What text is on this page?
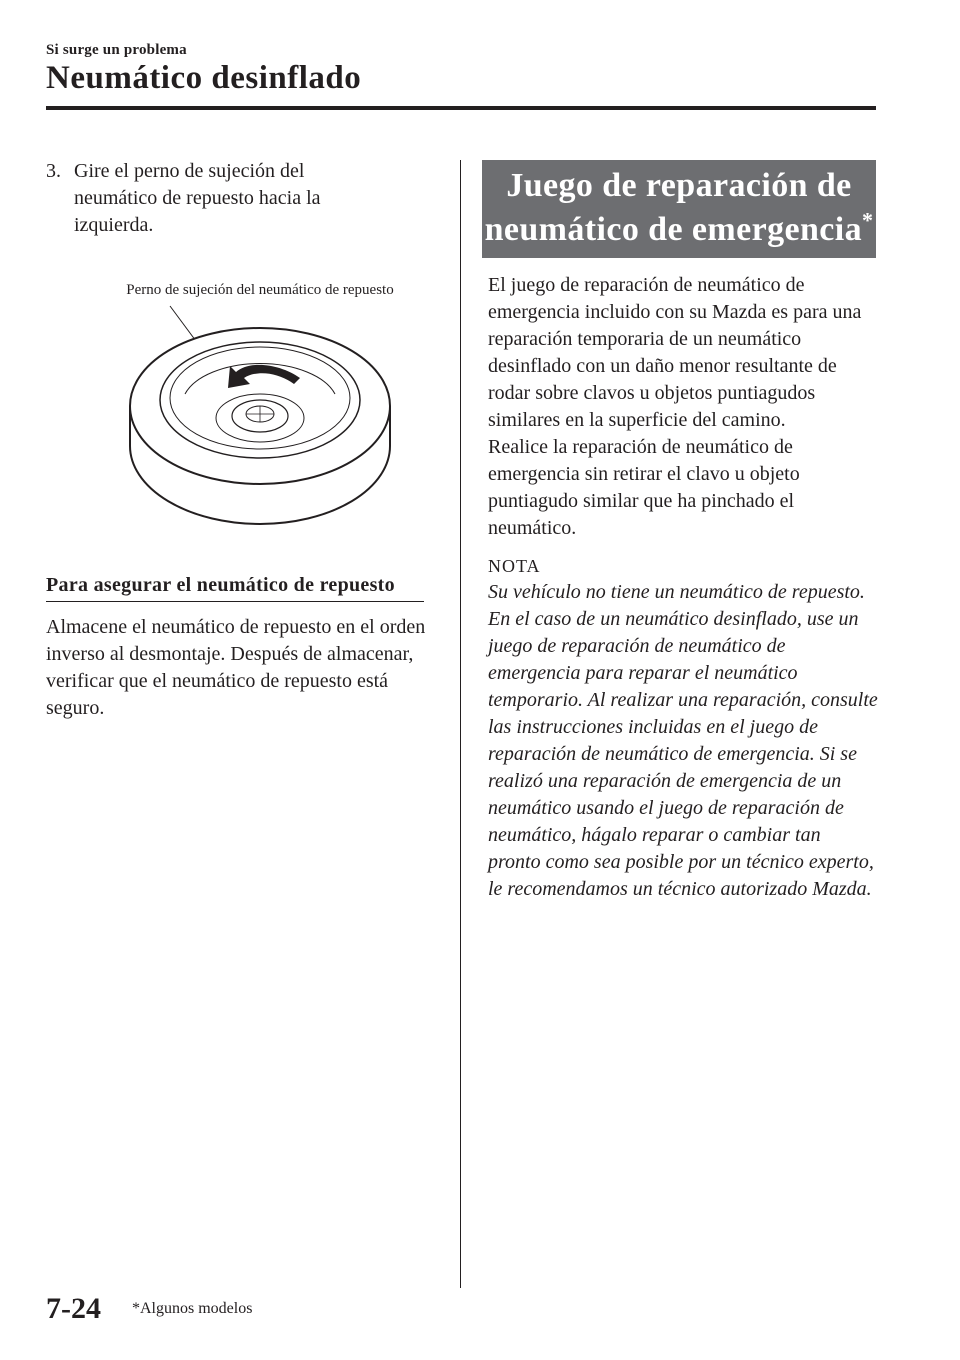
Si surge un problema
Neumático desinflado
3. Gire el perno de sujeción del neumático de repuesto hacia la izquierda.
Perno de sujeción del neumático de repuesto
Para asegurar el neumático de repuesto

Almacene el neumático de repuesto en el orden inverso al desmontaje. Después de almacenar, verificar que el neumático de repuesto está seguro.

Juego de reparación de neumático de emergencia*

El juego de reparación de neumático de emergencia incluido con su Mazda es para una reparación temporaria de un neumático desinflado con un daño menor resultante de rodar sobre clavos u objetos puntiagudos similares en la superficie del camino.

Realice la reparación de neumático de emergencia sin retirar el clavo u objeto puntiagudo similar que ha pinchado el neumático.

NOTA

Su vehículo no tiene un neumático de repuesto. En el caso de un neumático desinflado, use un juego de reparación de neumático de emergencia para reparar el neumático temporario. Al realizar una reparación, consulte las instrucciones incluidas en el juego de reparación de neumático de emergencia. Si se realizó una reparación de emergencia de un neumático usando el juego de reparación de neumático, hágalo reparar o cambiar tan pronto como sea posible por un técnico experto, le recomendamos un técnico autorizado Mazda.

7-24 *Algunos modelos
